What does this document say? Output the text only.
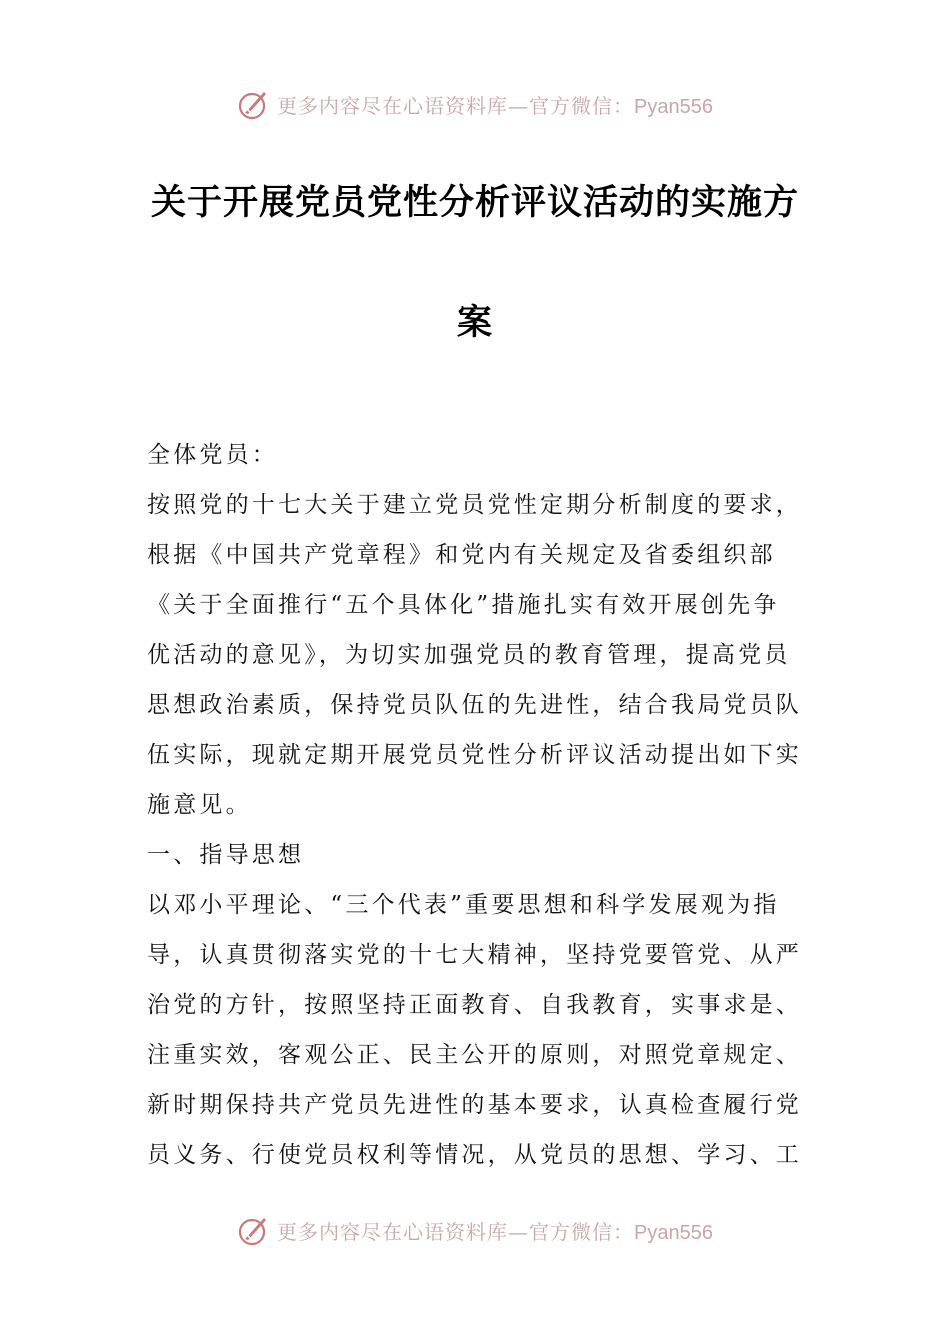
更多内容尽在心语资料库—官方微信：Pyan556
关于开展党员党性分析评议活动的实施方
案

全体党员：

按照党的十七大关于建立党员党性定期分析制度的要求，

根据《中国共产党章程》和党内有关规定及省委组织部

《关于全面推行“五个具体化”措施扎实有效开展创先争

优活动的意见》，为切实加强党员的教育管理，提高党员

思想政治素质，保持党员队伍的先进性，结合我局党员队

伍实际，现就定期开展党员党性分析评议活动提出如下实

施意见。

一、指导思想

以邓小平理论、“三个代表”重要思想和科学发展观为指

导，认真贯彻落实党的十七大精神，坚持党要管党、从严

治党的方针，按照坚持正面教育、自我教育，实事求是、

注重实效，客观公正、民主公开的原则，对照党章规定、

新时期保持共产党员先进性的基本要求，认真检查履行党

员义务、行使党员权利等情况，从党员的思想、学习、工

更多内容尽在心语资料库—官方微信：Pyan556
